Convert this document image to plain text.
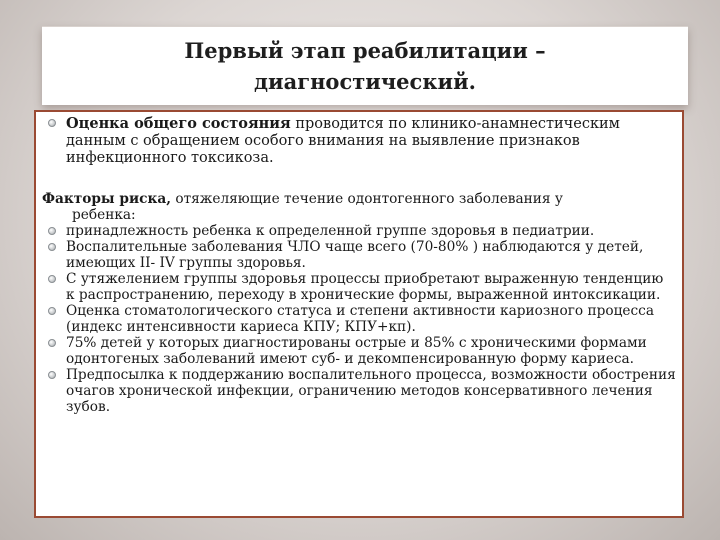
Первый этап реабилитации –
диагностический.
Оценка общего состояния проводится по клинико-анамнестическим данным с обращением особого внимания на выявление признаков инфекционного токсикоза.

Факторы риска, отяжеляющие течение одонтогенного заболевания у
ребенка:

принадлежность ребенка к определенной группе здоровья в педиатрии.
Воспалительные заболевания ЧЛО чаще всего (70-80% ) наблюдаются у детей, имеющих II- IV группы здоровья.
С утяжелением группы здоровья процессы приобретают выраженную тенденцию к распространению, переходу в хронические формы, выраженной интоксикации.
Оценка стоматологического статуса и степени активности кариозного процесса (индекс интенсивности кариеса КПУ; КПУ+кп).
75% детей у которых диагностированы острые и 85% с хроническими формами одонтогеных заболеваний имеют суб- и декомпенсированную форму кариеса.
Предпосылка к поддержанию воспалительного процесса, возможности обострения очагов хронической инфекции, ограничению методов консервативного лечения зубов.
